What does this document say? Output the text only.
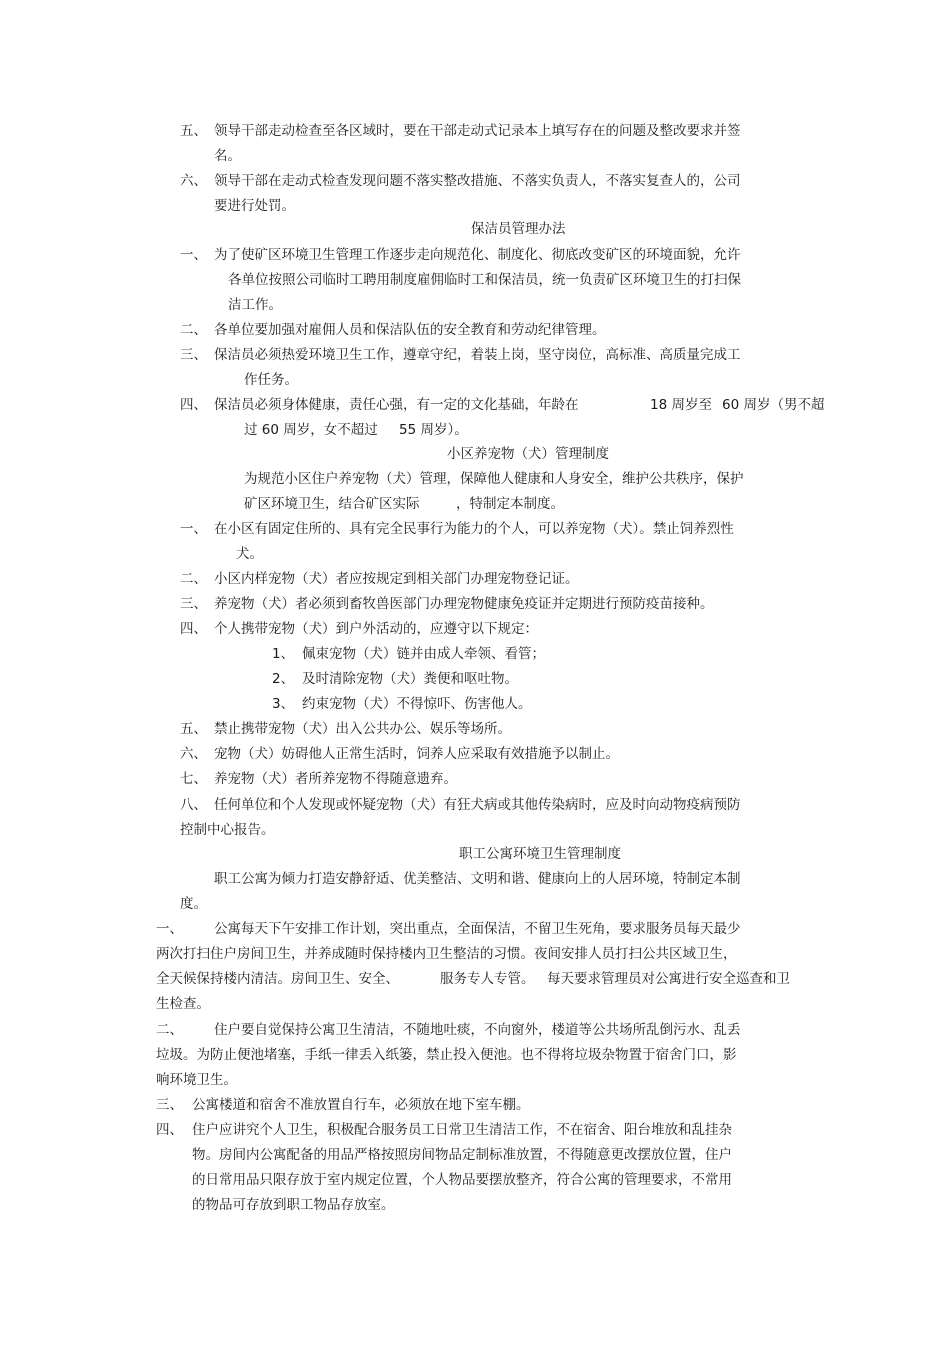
五、 领导干部走动检查至各区域时，要在干部走动式记录本上填写存在的问题及整改要求并签
名。
六、 领导干部在走动式检查发现问题不落实整改措施、不落实负责人，不落实复查人的，公司
要进行处罚。
保洁员管理办法
一、 为了使矿区环境卫生管理工作逐步走向规范化、制度化、彻底改变矿区的环境面貌，允许
各单位按照公司临时工聘用制度雇佣临时工和保洁员，统一负责矿区环境卫生的打扫保
洁工作。
二、 各单位要加强对雇佣人员和保洁队伍的安全教育和劳动纪律管理。
三、 保洁员必须热爱环境卫生工作，遵章守纪，着装上岗，坚守岗位，高标准、高质量完成工
作任务。
四、 保洁员必须身体健康，责任心强，有一定的文化基础，年龄在	18 周岁至 60 周岁（男不超
过 60 周岁，女不超过 55 周岁）。
小区养宠物（犬）管理制度
为规范小区住户养宠物（犬）管理，保障他人健康和人身安全，维护公共秩序，保护
矿区环境卫生，结合矿区实际	，特制定本制度。
一、 在小区有固定住所的、具有完全民事行为能力的个人，可以养宠物（犬）。禁止饲养烈性
犬。
二、 小区内样宠物（犬）者应按规定到相关部门办理宠物登记证。
三、 养宠物（犬）者必须到畜牧兽医部门办理宠物健康免疫证并定期进行预防疫苗接种。
四、 个人携带宠物（犬）到户外活动的，应遵守以下规定：
1、 佩束宠物（犬）链并由成人牵领、看管；
2、 及时清除宠物（犬）粪便和呕吐物。
3、 约束宠物（犬）不得惊吓、伤害他人。
五、 禁止携带宠物（犬）出入公共办公、娱乐等场所。
六、 宠物（犬）妨碍他人正常生活时，饲养人应采取有效措施予以制止。
七、 养宠物（犬）者所养宠物不得随意遗弃。
八、 任何单位和个人发现或怀疑宠物（犬）有狂犬病或其他传染病时，应及时向动物疫病预防
控制中心报告。
职工公寓环境卫生管理制度
职工公寓为倾力打造安静舒适、优美整洁、文明和谐、健康向上的人居环境，特制定本制
度。
一、 公寓每天下午安排工作计划，突出重点，全面保洁，不留卫生死角，要求服务员每天最少
两次打扫住户房间卫生，并养成随时保持楼内卫生整洁的习惯。夜间安排人员打扫公共区域卫生，
全天候保持楼内清洁。房间卫生、安全、	服务专人专管。 每天要求管理员对公寓进行安全巡查和卫
生检查。
二、 住户要自觉保持公寓卫生清洁，不随地吐痰，不向窗外，楼道等公共场所乱倒污水、乱丢
垃圾。为防止便池堵塞，手纸一律丢入纸篓，禁止投入便池。也不得将垃圾杂物置于宿舍门口，影
响环境卫生。
三、 公寓楼道和宿舍不准放置自行车，必须放在地下室车棚。
四、 住户应讲究个人卫生，积极配合服务员工日常卫生清洁工作，不在宿舍、阳台堆放和乱挂杂
物。房间内公寓配备的用品严格按照房间物品定制标准放置，不得随意更改摆放位置，住户
的日常用品只限存放于室内规定位置，个人物品要摆放整齐，符合公寓的管理要求，不常用
的物品可存放到职工物品存放室。
